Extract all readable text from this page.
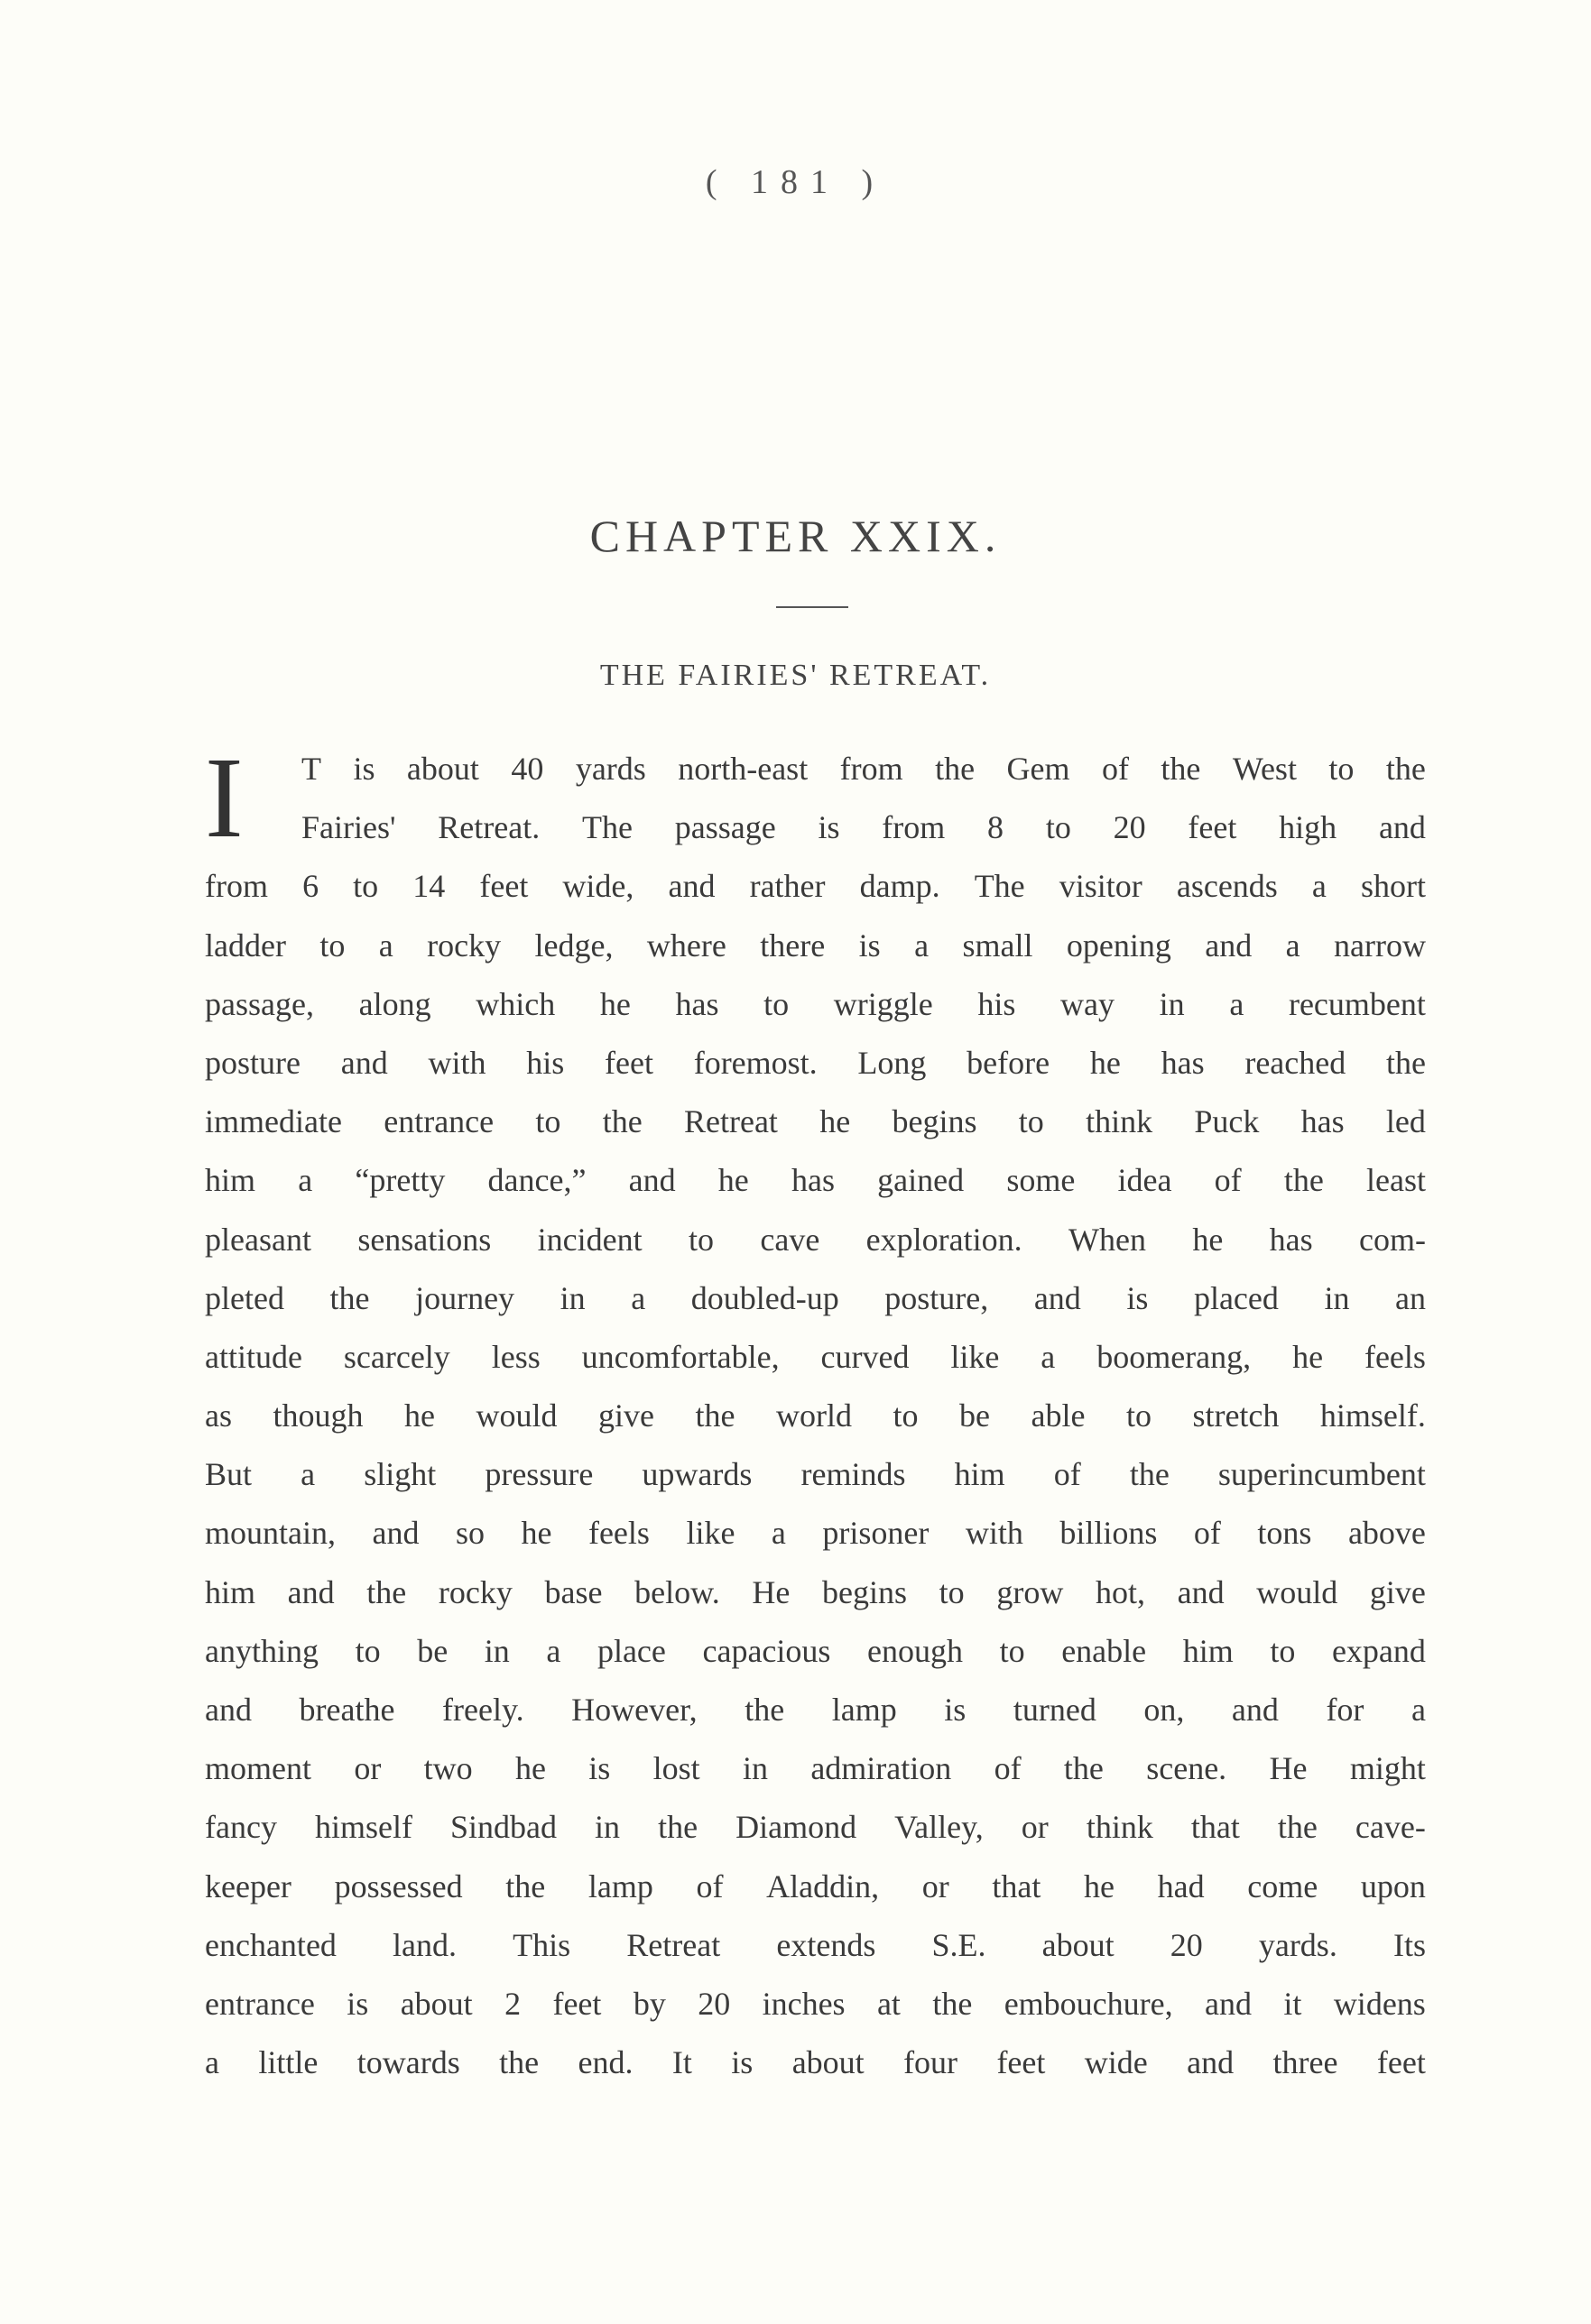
( 181 )
CHAPTER XXIX.
THE FAIRIES' RETREAT.
I T is about 40 yards north-east from the Gem of the West to the
Fairies' Retreat. The passage is from 8 to 20 feet high and
from 6 to 14 feet wide, and rather damp. The visitor ascends a short
ladder to a rocky ledge, where there is a small opening and a narrow
passage, along which he has to wriggle his way in a recumbent
posture and with his feet foremost. Long before he has reached the
immediate entrance to the Retreat he begins to think Puck has led
him a “pretty dance,” and he has gained some idea of the least
pleasant sensations incident to cave exploration. When he has com-
pleted the journey in a doubled-up posture, and is placed in an
attitude scarcely less uncomfortable, curved like a boomerang, he feels
as though he would give the world to be able to stretch himself.
But a slight pressure upwards reminds him of the superincumbent
mountain, and so he feels like a prisoner with billions of tons above
him and the rocky base below. He begins to grow hot, and would give
anything to be in a place capacious enough to enable him to expand
and breathe freely. However, the lamp is turned on, and for a
moment or two he is lost in admiration of the scene. He might
fancy himself Sindbad in the Diamond Valley, or think that the cave-
keeper possessed the lamp of Aladdin, or that he had come upon
enchanted land. This Retreat extends S.E. about 20 yards. Its
entrance is about 2 feet by 20 inches at the embouchure, and it widens
a little towards the end. It is about four feet wide and three feet
